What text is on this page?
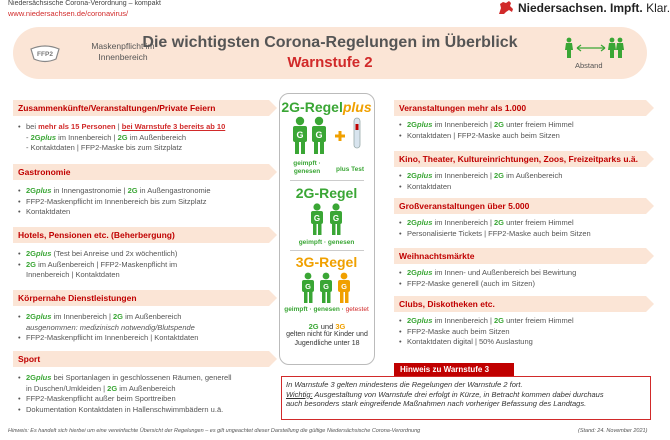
Niedersächsische Corona-Verordnung – kompakt
www.niedersachsen.de/coronavirus/	Niedersachsen. Impft. Klar.
FFP2
Maskenpflicht im Innenbereich
Die wichtigsten Corona-Regelungen im Überblick
Warnstufe 2	Abstand
Zusammenkünfte/Veranstaltungen/Private Feiern
• bei mehr als 15 Personen | bei Warnstufe 3 bereits ab 10
- 2Gplus im Innenbereich | 2G im Außenbereich
- Kontaktdaten | FFP2-Maske bis zum Sitzplatz
Gastronomie
• 2Gplus in Innengastronomie | 2G in Außengastronomie
• FFP2-Maskenpflicht im Innenbereich bis zum Sitzplatz
• Kontaktdaten
Hotels, Pensionen etc. (Beherbergung)
• 2Gplus (Test bei Anreise und 2x wöchentlich)
• 2G im Außenbereich | FFP2-Maskenpflicht im
Innenbereich | Kontaktdaten
Körpernahe Dienstleistungen
• 2Gplus im Innenbereich | 2G im Außenbereich
ausgenommen: medizinisch notwendig/Blutspende
• FFP2-Maskenpflicht im Innenbereich | Kontaktdaten
Sport
• 2Gplus bei Sportanlagen in geschlossenen Räumen, generell
in Duschen/Umkleiden | 2G im Außenbereich
• FFP2-Maskenpflicht außer beim Sporttreiben
• Dokumentation Kontaktdaten in Hallenschwimmbädern u.ä.
Veranstaltungen mehr als 1.000
• 2Gplus im Innenbereich | 2G unter freiem Himmel
• Kontaktdaten | FFP2-Maske auch beim Sitzen
Kino, Theater, Kultureinrichtungen, Zoos, Freizeitparks u.ä.
• 2Gplus im Innenbereich | 2G im Außenbereich
• Kontaktdaten
Großveranstaltungen über 5.000
• 2Gplus im Innenbereich | 2G unter freiem Himmel
• Personalisierte Tickets | FFP2-Maske auch beim Sitzen
Weihnachtsmärkte
• 2Gplus im Innen- und Außenbereich bei Bewirtung
• FFP2-Maske generell (auch im Sitzen)
Clubs, Diskotheken etc.
• 2Gplus im Innenbereich | 2G unter freiem Himmel
• FFP2-Maske auch beim Sitzen
• Kontaktdaten digital | 50% Auslastung
2G-Regelplus
G G
geimpft · genesen	plus Test
2G-Regel
G G
geimpft · genesen
3G-Regel
G G G
geimpft · genesen · getestet
2G und 3G
gelten nicht für Kinder und Jugendliche unter 18
Hinweis zu Warnstufe 3
In Warnstufe 3 gelten mindestens die Regelungen der Warnstufe 2 fort.
Wichtig: Ausgestaltung von Warnstufe drei erfolgt in Kürze, in Betracht kommen dabei durchaus
auch besonders stark eingreifende Maßnahmen nach vorheriger Befassung des Landtags.
Hinweis: Es handelt sich hierbei um eine vereinfachte Übersicht der Regelungen – es gilt ungeachtet dieser Darstellung die gültige Niedersächsische Corona-Verordnung	(Stand: 24. November 2021)
